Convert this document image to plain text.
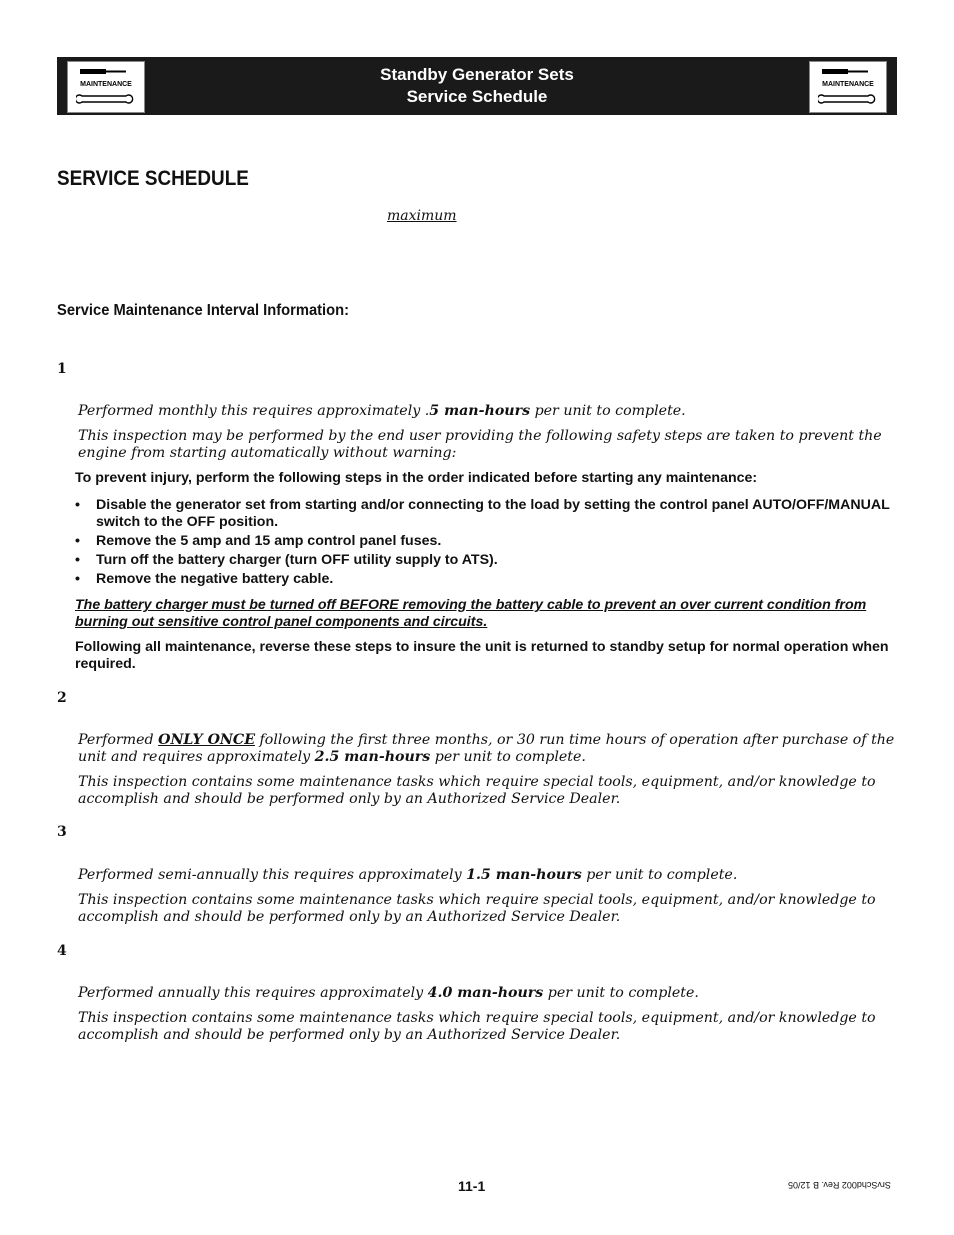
MAINTENANCE
Standby Generator Sets
Service Schedule
MAINTENANCE
SERVICE SCHEDULE
maximum
Service Maintenance Interval Information:
1

Performed monthly this requires approximately .5 man-hours per unit to complete.

This inspection may be performed by the end user providing the following safety steps are taken to prevent the engine from starting automatically without warning:

To prevent injury, perform the following steps in the order indicated before starting any maintenance:

• Disable the generator set from starting and/or connecting to the load by setting the control panel AUTO/OFF/MANUAL switch to the OFF position.
• Remove the 5 amp and 15 amp control panel fuses.
• Turn off the battery charger (turn OFF utility supply to ATS).
• Remove the negative battery cable.

The battery charger must be turned off BEFORE removing the battery cable to prevent an over current condition from burning out sensitive control panel components and circuits.

Following all maintenance, reverse these steps to insure the unit is returned to standby setup for normal operation when required.

2

Performed ONLY ONCE following the first three months, or 30 run time hours of operation after purchase of the unit and requires approximately 2.5 man-hours per unit to complete.

This inspection contains some maintenance tasks which require special tools, equipment, and/or knowledge to accomplish and should be performed only by an Authorized Service Dealer.

3

Performed semi-annually this requires approximately 1.5 man-hours per unit to complete.

This inspection contains some maintenance tasks which require special tools, equipment, and/or knowledge to accomplish and should be performed only by an Authorized Service Dealer.

4

Performed annually this requires approximately 4.0 man-hours per unit to complete.

This inspection contains some maintenance tasks which require special tools, equipment, and/or knowledge to accomplish and should be performed only by an Authorized Service Dealer.

11-1	SrvSchd002 Rev. B 12/05
